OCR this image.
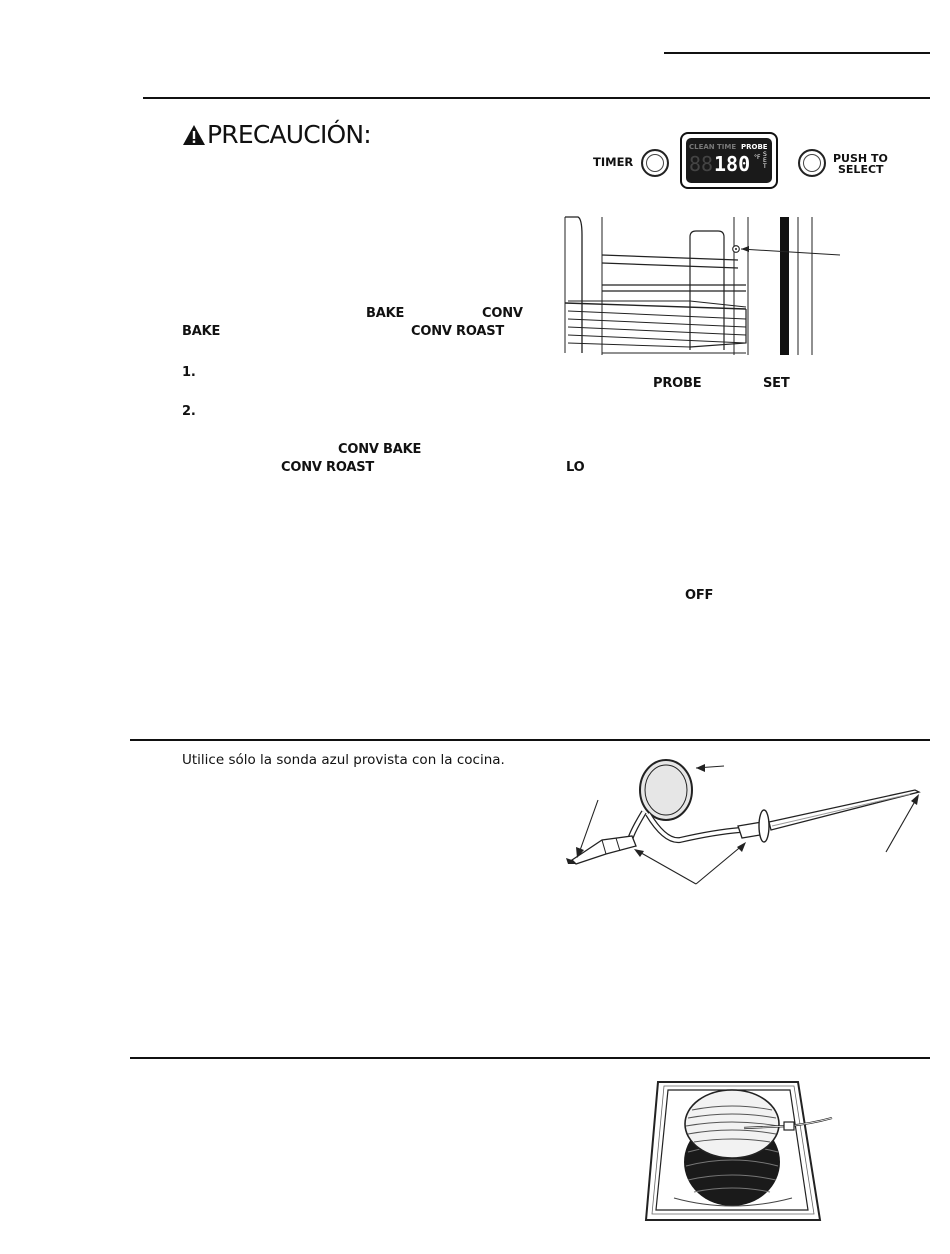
PRECAUCIÓN:
TIMER
CLEAN TIME PROBE
88 180 °F SET
PUSH TO
SELECT
BAKE	CONV
BAKE	CONV ROAST
1.
2.
CONV BAKE
CONV ROAST
PROBE	SET
LO
OFF
Utilice sólo la sonda azul provista con la cocina.
